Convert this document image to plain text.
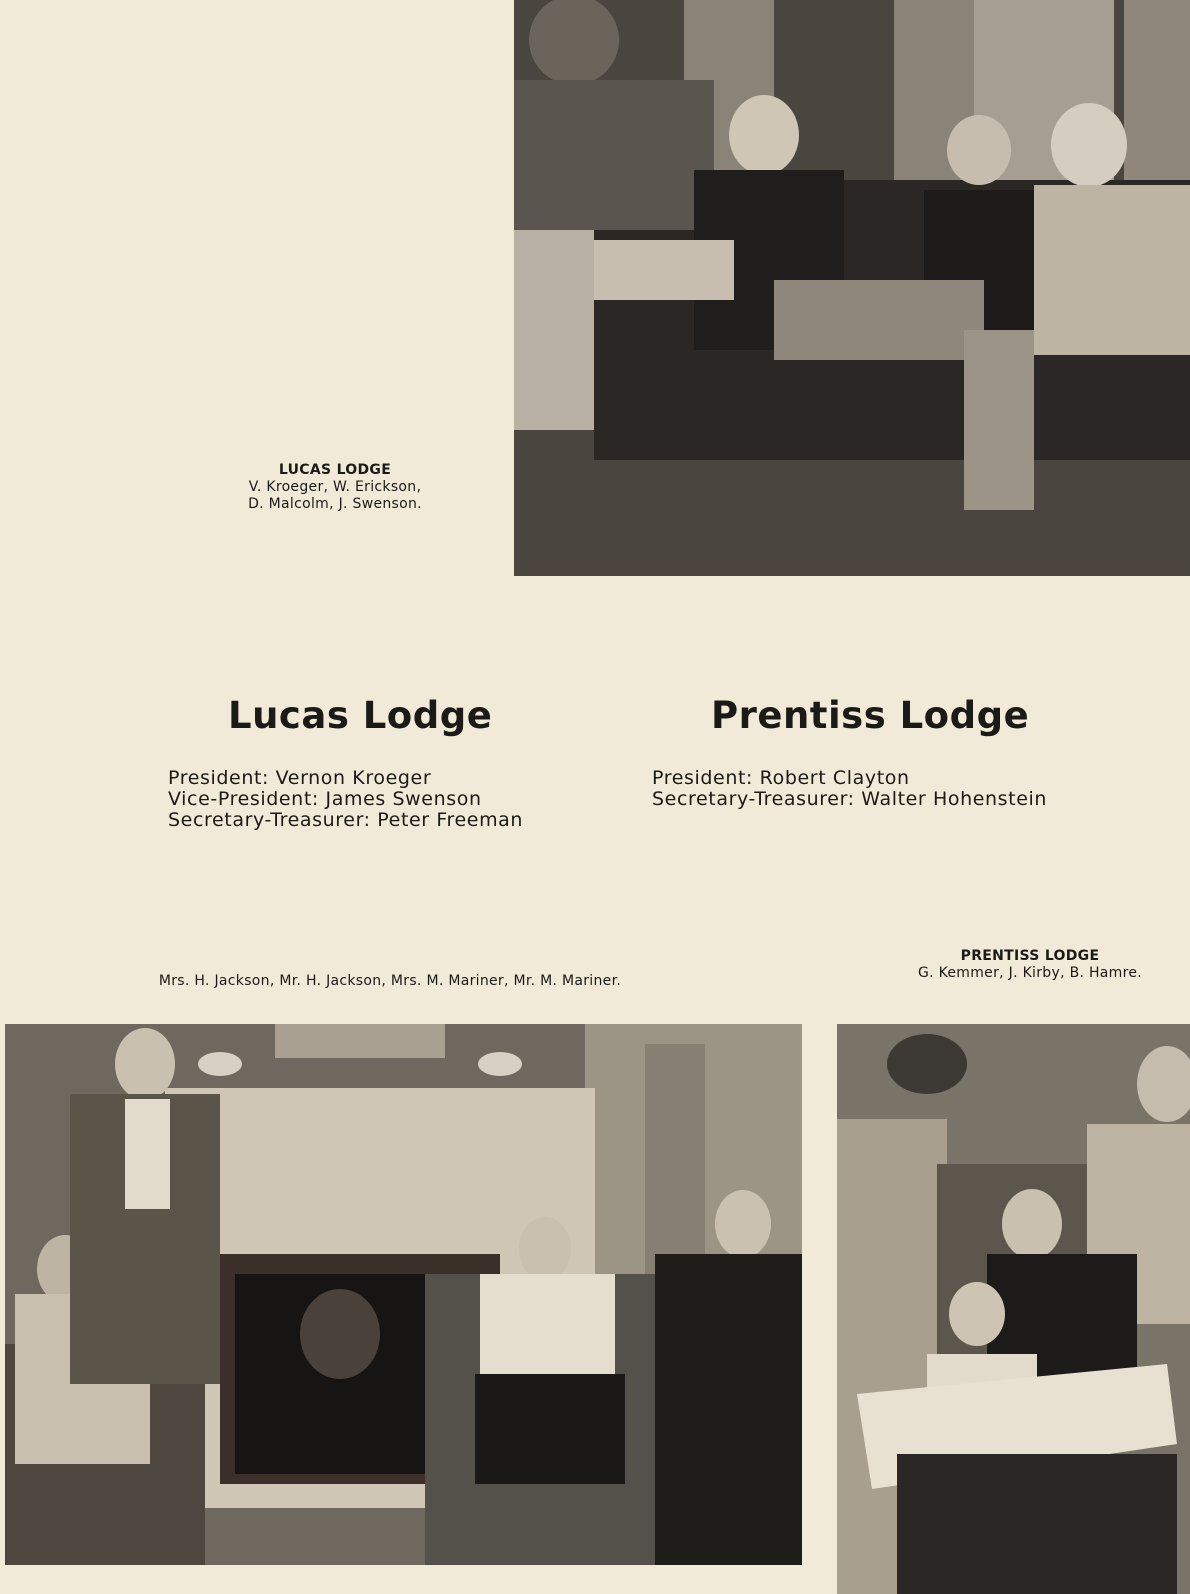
LUCAS LODGE
V. Kroeger, W. Erickson,
D. Malcolm, J. Swenson.
Lucas Lodge	Prentiss Lodge
President: Vernon Kroeger
Vice-President: James Swenson
Secretary-Treasurer: Peter Freeman
President: Robert Clayton
Secretary-Treasurer: Walter Hohenstein
Mrs. H. Jackson, Mr. H. Jackson, Mrs. M. Mariner, Mr. M. Mariner.
PRENTISS LODGE
G. Kemmer, J. Kirby, B. Hamre.
